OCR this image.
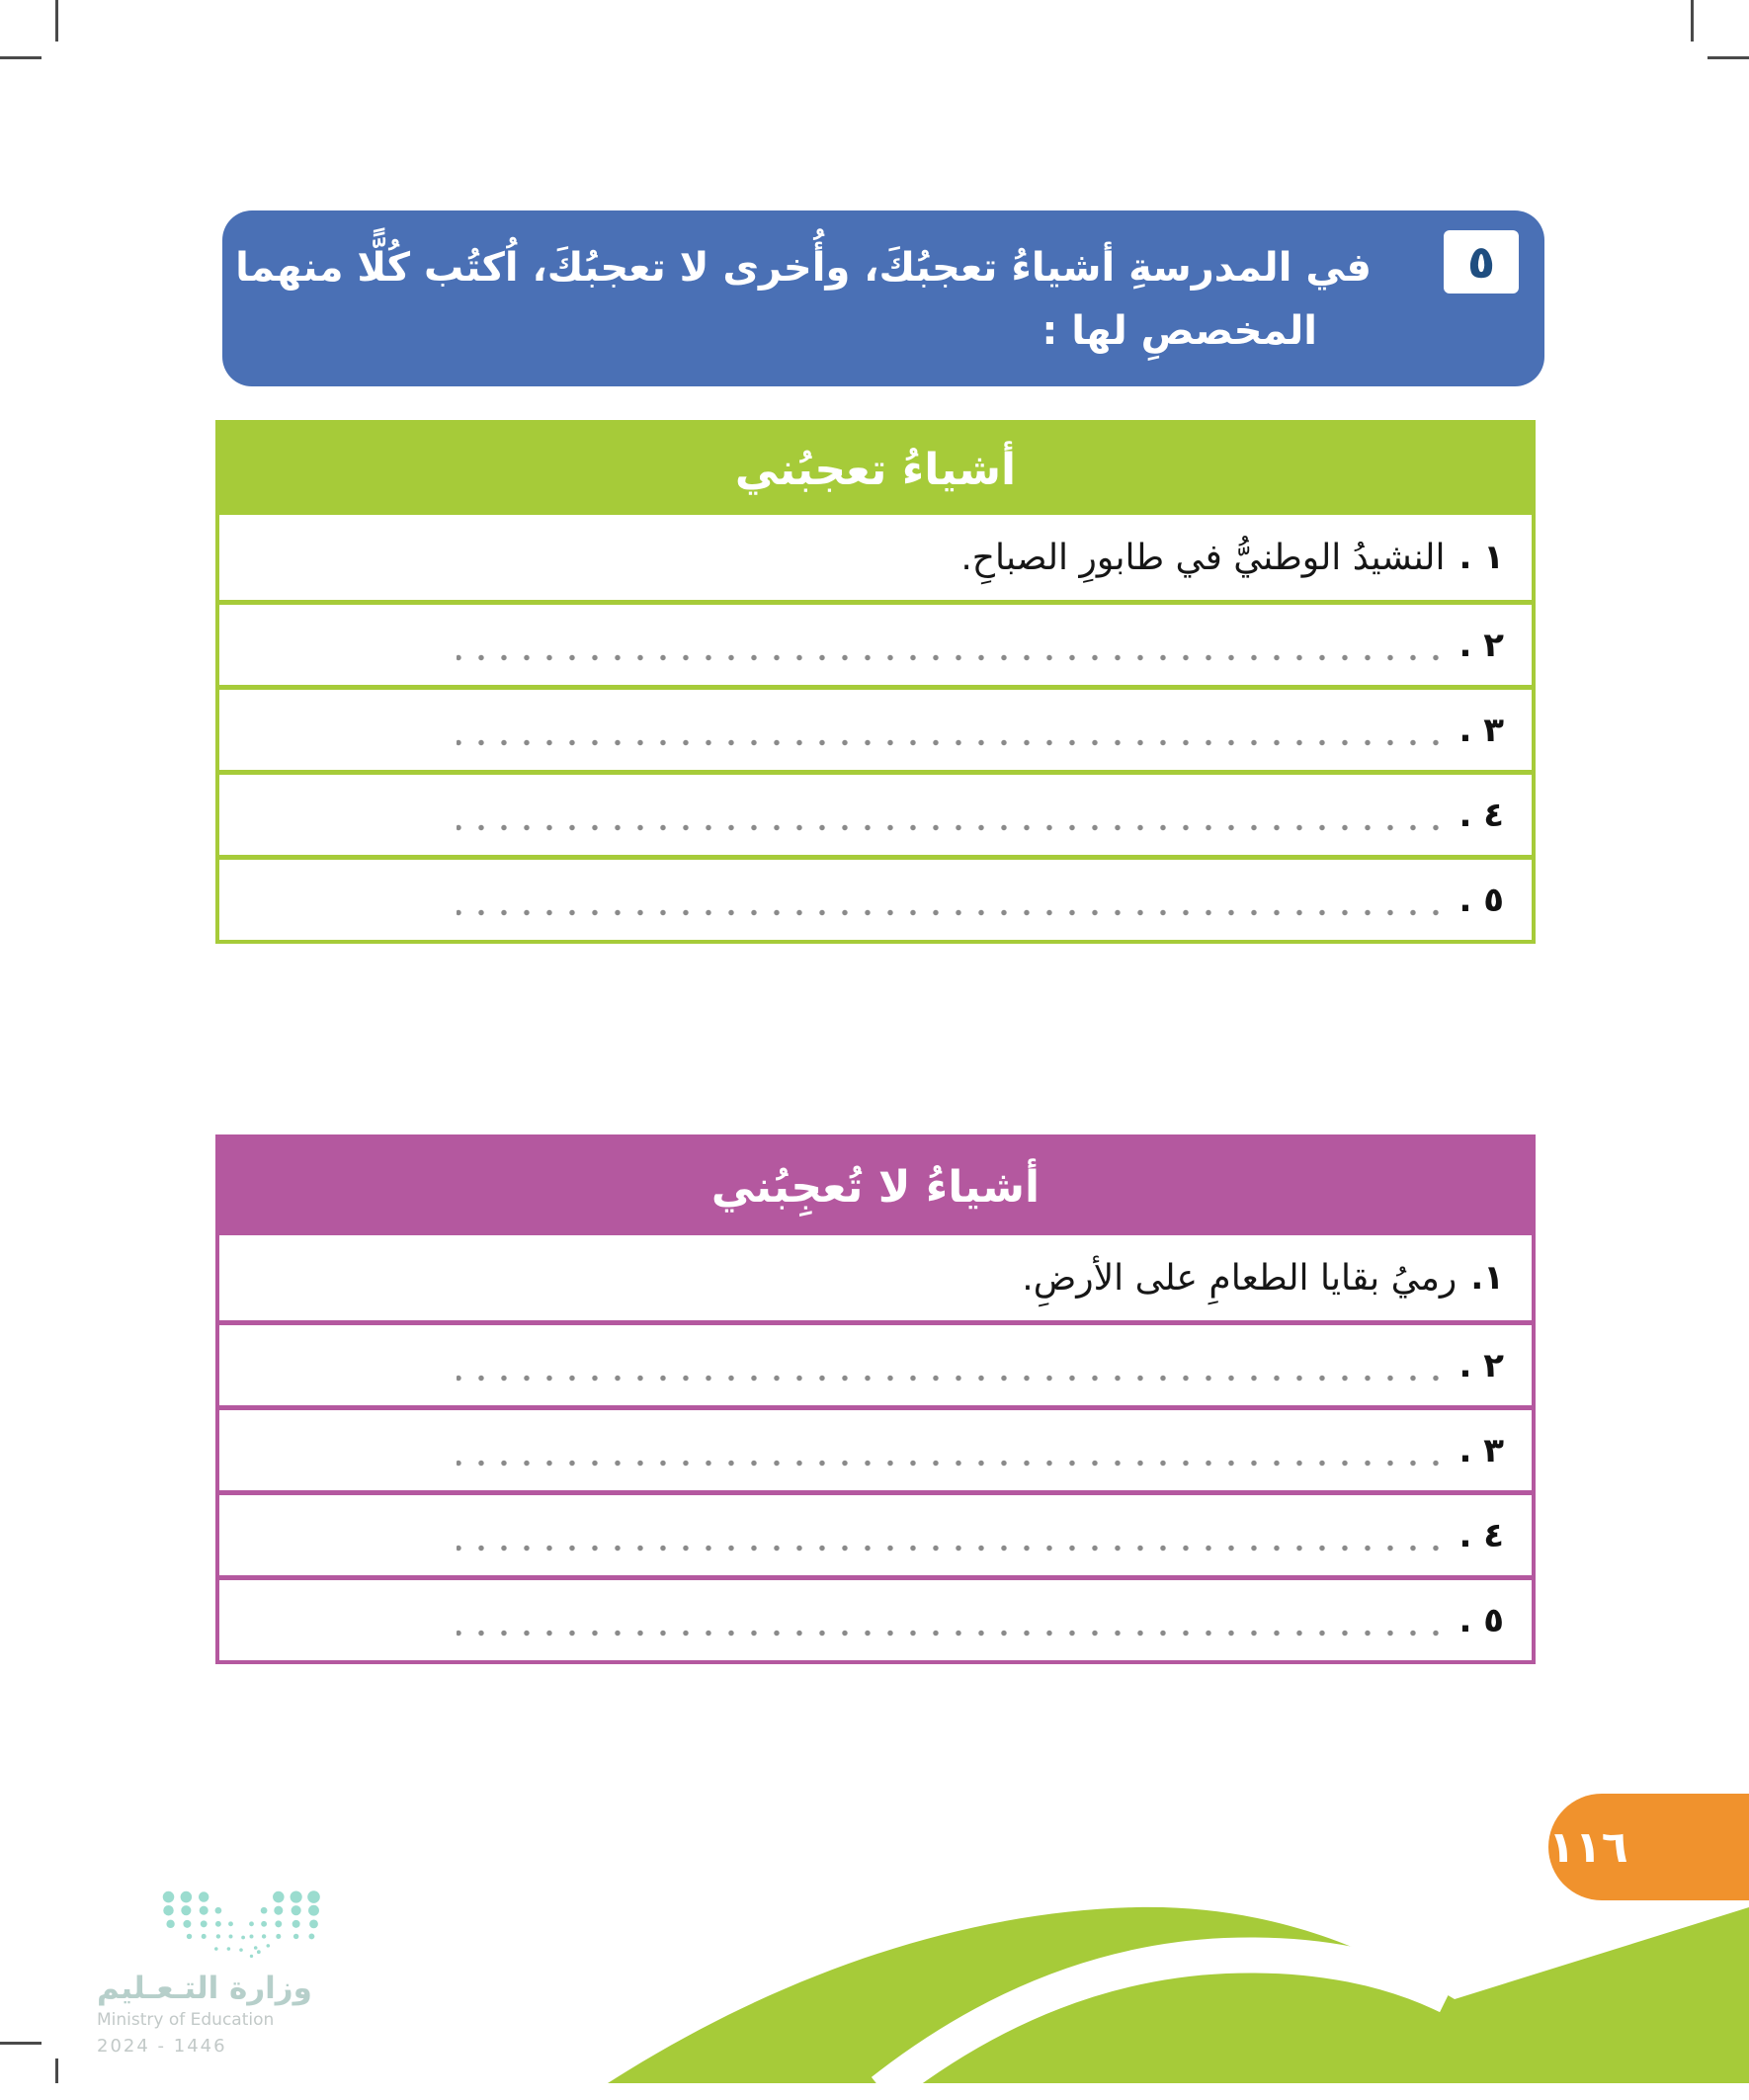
٥
في المدرسةِ أشياءُ تعجبُكَ، وأُخرى لا تعجبُكَ، اُكتُب كُلًّا منهما في الحقلِ
المخصصِ لها :
أشياءُ تعجبُني
١ .
النشيدُ الوطنيُّ في طابورِ الصباحِ.
٢ .
٣ .
٤ .
٥ .
أشياءُ لا تُعجِبُني
١.
رميُ بقايا الطعامِ على الأرضِ.
٢ .
٣ .
٤ .
٥ .
١١٦
وزارة التـعـليم
Ministry of Education
2024 - 1446
